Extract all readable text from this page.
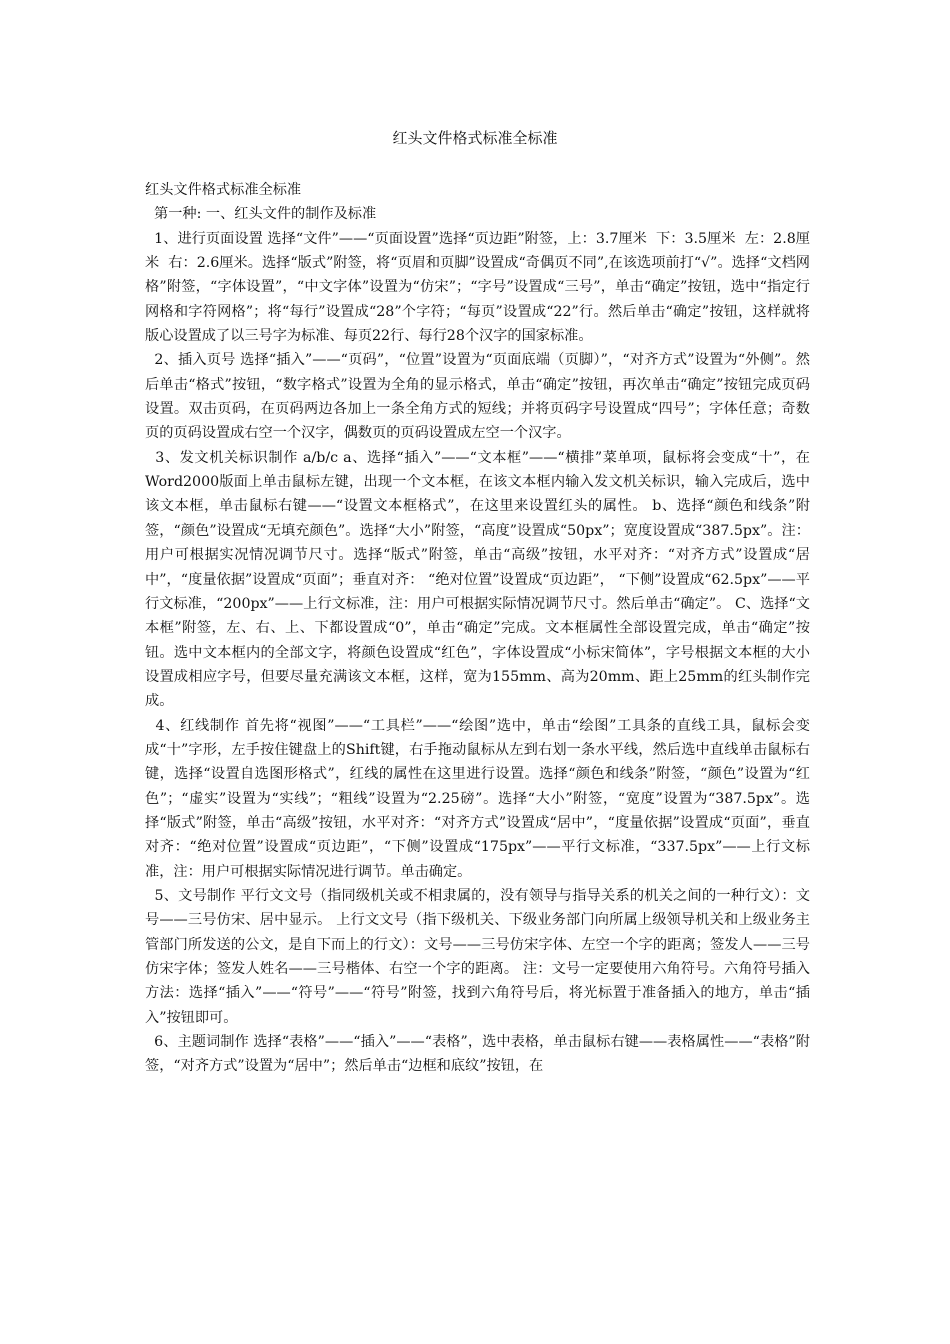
红头文件格式标准全标准

红头文件格式标准全标准

第一种: 一、红头文件的制作及标准

1、进行页面设置 选择“文件”——“页面设置”选择“页边距”附签，上：3.7厘米  下：3.5厘米  左：2.8厘米  右：2.6厘米。选择“版式”附签，将“页眉和页脚”设置成“奇偶页不同”,在该选项前打“√”。选择“文档网格”附签，“字体设置”，“中文字体”设置为“仿宋”；“字号”设置成“三号”，单击“确定”按钮，选中“指定行网格和字符网格”；将“每行”设置成“28”个字符；“每页”设置成“22”行。然后单击“确定”按钮，这样就将版心设置成了以三号字为标准、每页22行、每行28个汉字的国家标准。

2、插入页号 选择“插入”——“页码”，“位置”设置为“页面底端（页脚）”，“对齐方式”设置为“外侧”。然后单击“格式”按钮，“数字格式”设置为全角的显示格式，单击“确定”按钮，再次单击“确定”按钮完成页码设置。双击页码，在页码两边各加上一条全角方式的短线；并将页码字号设置成“四号”；字体任意；奇数页的页码设置成右空一个汉字，偶数页的页码设置成左空一个汉字。

3、发文机关标识制作 a/b/c a、选择“插入”——“文本框”——“横排”菜单项，鼠标将会变成“十”，在Word2000版面上单击鼠标左键，出现一个文本框，在该文本框内输入发文机关标识，输入完成后，选中该文本框，单击鼠标右键——“设置文本框格式”，在这里来设置红头的属性。 b、选择“颜色和线条”附签，“颜色”设置成“无填充颜色”。选择“大小”附签，“高度”设置成“50px”；宽度设置成“387.5px”。注：用户可根据实况情况调节尺寸。选择“版式”附签，单击“高级”按钮，水平对齐：“对齐方式”设置成“居中”，“度量依据”设置成“页面”；垂直对齐： “绝对位置”设置成“页边距”， “下侧”设置成“62.5px”——平行文标准，“200px”——上行文标准，注：用户可根据实际情况调节尺寸。然后单击“确定”。 C、选择“文本框”附签，左、右、上、下都设置成“0”，单击“确定”完成。文本框属性全部设置完成，单击“确定”按钮。选中文本框内的全部文字，将颜色设置成“红色”，字体设置成“小标宋简体”，字号根据文本框的大小设置成相应字号，但要尽量充满该文本框，这样，宽为155mm、高为20mm、距上25mm的红头制作完成。

4、红线制作 首先将“视图”——“工具栏”——“绘图”选中，单击“绘图”工具条的直线工具，鼠标会变成“十”字形，左手按住键盘上的Shift键，右手拖动鼠标从左到右划一条水平线，然后选中直线单击鼠标右键，选择“设置自选图形格式”，红线的属性在这里进行设置。选择“颜色和线条”附签，“颜色”设置为“红色”；“虚实”设置为“实线”；“粗线”设置为“2.25磅”。选择“大小”附签，“宽度”设置为“387.5px”。选择“版式”附签，单击“高级”按钮，水平对齐：“对齐方式”设置成“居中”，“度量依据”设置成“页面”，垂直对齐：“绝对位置”设置成“页边距”，“下侧”设置成“175px”——平行文标准，“337.5px”——上行文标准，注：用户可根据实际情况进行调节。单击确定。

5、文号制作 平行文文号（指同级机关或不相隶属的，没有领导与指导关系的机关之间的一种行文）：文号——三号仿宋、居中显示。 上行文文号（指下级机关、下级业务部门向所属上级领导机关和上级业务主管部门所发送的公文，是自下而上的行文）：文号——三号仿宋字体、左空一个字的距离；签发人——三号仿宋字体；签发人姓名——三号楷体、右空一个字的距离。 注：文号一定要使用六角符号。六角符号插入方法：选择“插入”——“符号”——“符号”附签，找到六角符号后，将光标置于准备插入的地方，单击“插入”按钮即可。

6、主题词制作 选择“表格”——“插入”——“表格”，选中表格，单击鼠标右键——表格属性——“表格”附签，“对齐方式”设置为“居中”；然后单击“边框和底纹”按钮，在
